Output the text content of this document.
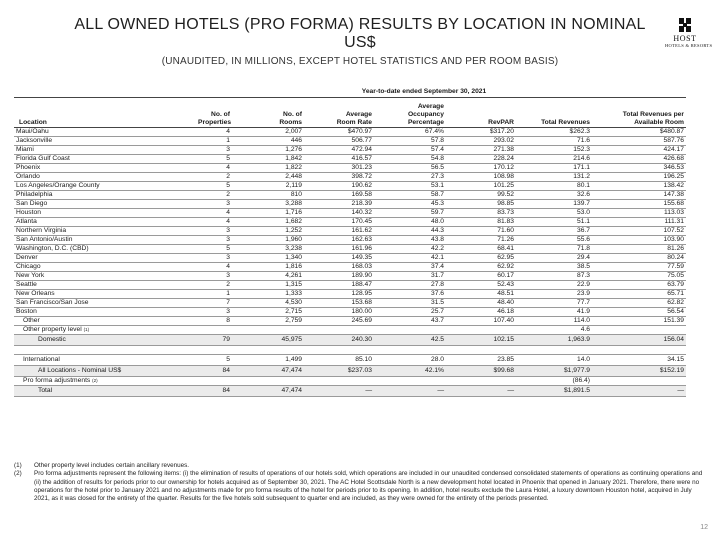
ALL OWNED HOTELS (PRO FORMA) RESULTS BY LOCATION IN NOMINAL US$
(UNAUDITED, IN MILLIONS, EXCEPT HOTEL STATISTICS AND PER ROOM BASIS)
HOST
HOTELS & RESORTS
	Year-to-date ended September 30, 2021						
Location	No. of Properties	No. of Rooms	Average Room Rate	Average Occupancy Percentage	RevPAR	Total Revenues	Total Revenues per Available Room
Maui/Oahu	4	2,007	$470.97	67.4%	$317.20	$262.3	$480.87
Jacksonville	1	446	506.77	57.8	293.02	71.6	587.76
Miami	3	1,276	472.94	57.4	271.38	152.3	424.17
Florida Gulf Coast	5	1,842	416.57	54.8	228.24	214.6	426.68
Phoenix	4	1,822	301.23	56.5	170.12	171.1	346.53
Orlando	2	2,448	398.72	27.3	108.98	131.2	196.25
Los Angeles/Orange County	5	2,119	190.62	53.1	101.25	80.1	138.42
Philadelphia	2	810	169.58	58.7	99.52	32.6	147.38
San Diego	3	3,288	218.39	45.3	98.85	139.7	155.68
Houston	4	1,716	140.32	59.7	83.73	53.0	113.03
Atlanta	4	1,682	170.45	48.0	81.83	51.1	111.31
Northern Virginia	3	1,252	161.62	44.3	71.60	36.7	107.52
San Antonio/Austin	3	1,960	162.63	43.8	71.26	55.6	103.90
Washington, D.C. (CBD)	5	3,238	161.96	42.2	68.41	71.8	81.26
Denver	3	1,340	149.35	42.1	62.95	29.4	80.24
Chicago	4	1,816	168.03	37.4	62.92	38.5	77.59
New York	3	4,261	189.90	31.7	60.17	87.3	75.05
Seattle	2	1,315	188.47	27.8	52.43	22.9	63.79
New Orleans	1	1,333	128.95	37.6	48.51	23.9	65.71
San Francisco/San Jose	7	4,530	153.68	31.5	48.40	77.7	62.82
Boston	3	2,715	180.00	25.7	46.18	41.9	56.54
Other	8	2,759	245.69	43.7	107.40	114.0	151.39
Other property level $^{(1)}$						4.6	
Domestic	79	45,975	240.30	42.5	102.15	1,963.9	156.04

International	5	1,499	85.10	28.0	23.85	14.0	34.15
All Locations - Nominal US$	84	47,474	$237.03	42.1%	$99.68	$1,977.9	$152.19
Pro forma adjustments $^{(2)}$						(86.4)	
Total	84	47,474	—	—	—	$1,891.5	—
(1)	Other property level includes certain ancillary revenues.
(2)	Pro forma adjustments represent the following items: (i) the elimination of results of operations of our hotels sold, which operations are included in our unaudited condensed consolidated statements of operations as continuing operations and (ii) the addition of results for periods prior to our ownership for hotels acquired as of September 30, 2021. The AC Hotel Scottsdale North is a new development hotel located in Phoenix that opened in January 2021. Therefore, there were no operations for the hotel prior to January 2021 and no adjustments made for pro forma results of the hotel for periods prior to its opening. In addition, hotel results exclude the Laura Hotel, a luxury downtown Houston hotel, acquired in July 2021, as it was closed for the entirety of the quarter. Results for the five hotels sold subsequent to quarter end are included, as they were owned for the entirety of the periods presented.
12
